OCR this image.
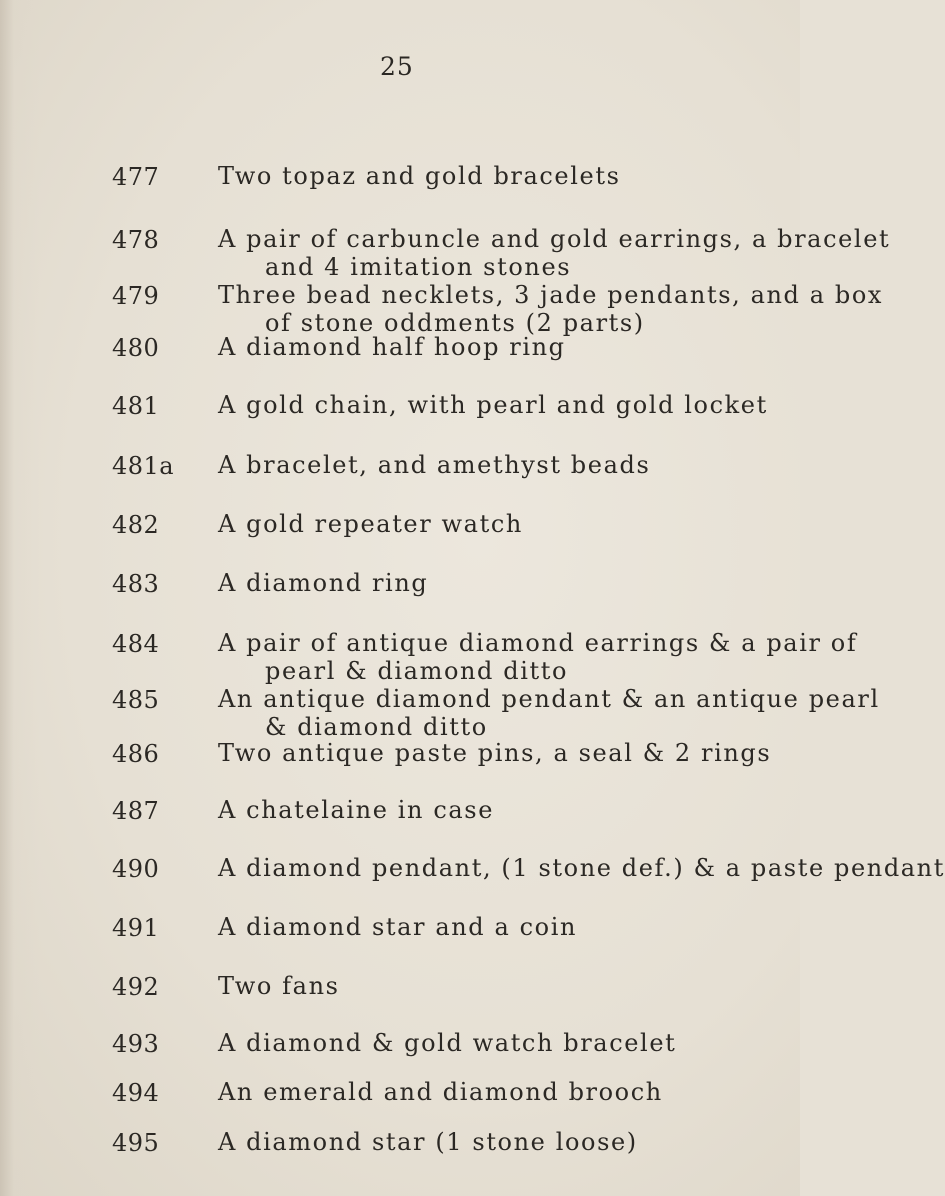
25
477 Two topaz and gold bracelets
478 A pair of carbuncle and gold earrings, a bracelet
and 4 imitation stones
479 Three bead necklets, 3 jade pendants, and a box
of stone oddments (2 parts)
480 A diamond half hoop ring
481 A gold chain, with pearl and gold locket
481a A bracelet, and amethyst beads
482 A gold repeater watch
483 A diamond ring
484 A pair of antique diamond earrings & a pair of
pearl & diamond ditto
485 An antique diamond pendant & an antique pearl
& diamond ditto
486 Two antique paste pins, a seal & 2 rings
487 A chatelaine in case
490 A diamond pendant, (1 stone def.) & a paste pendant
491 A diamond star and a coin
492 Two fans
493 A diamond & gold watch bracelet
494 An emerald and diamond brooch
495 A diamond star (1 stone loose)
